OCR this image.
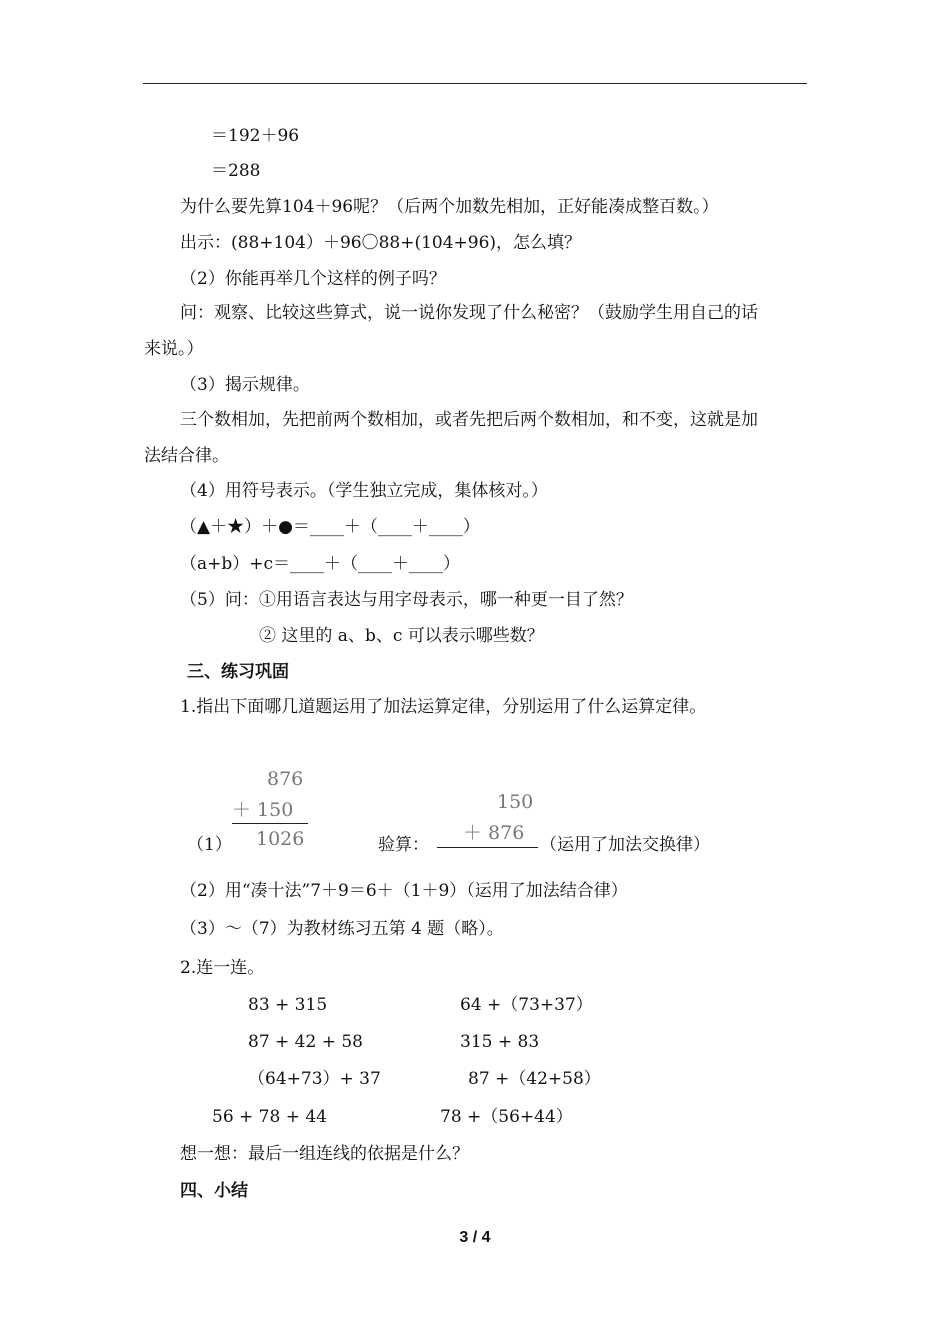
＝192＋96
＝288
为什么要先算104＋96呢？（后两个加数先相加，正好能凑成整百数。）
出示：(88+104）＋96〇88+(104+96)，怎么填？
（2）你能再举几个这样的例子吗？
问：观察、比较这些算式，说一说你发现了什么秘密？（鼓励学生用自己的话
来说。）
（3）揭示规律。
三个数相加，先把前两个数相加，或者先把后两个数相加，和不变，这就是加
法结合律。
（4）用符号表示。（学生独立完成，集体核对。）
（▲＋★）＋●＝____＋（____＋____）
（a+b）+c＝____＋（____＋____）
（5）问：①用语言表达与用字母表示，哪一种更一目了然？
② 这里的 a、b、c 可以表示哪些数？
三、练习巩固
1.指出下面哪几道题运用了加法运算定律，分别运用了什么运算定律。
（1）
876
＋ 150
1026	验算：
150
＋ 876
（运用了加法交换律）
（2）用“凑十法”7＋9＝6＋（1＋9）（运用了加法结合律）
（3）～（7）为教材练习五第 4 题（略）。
2.连一连。
83 + 315
87 + 42 + 58
（64+73）+ 37
56 + 78 + 44
64 +（73+37）
315 + 83
87 +（42+58）
78 +（56+44）
想一想：最后一组连线的依据是什么？
四、小结
3 / 4
